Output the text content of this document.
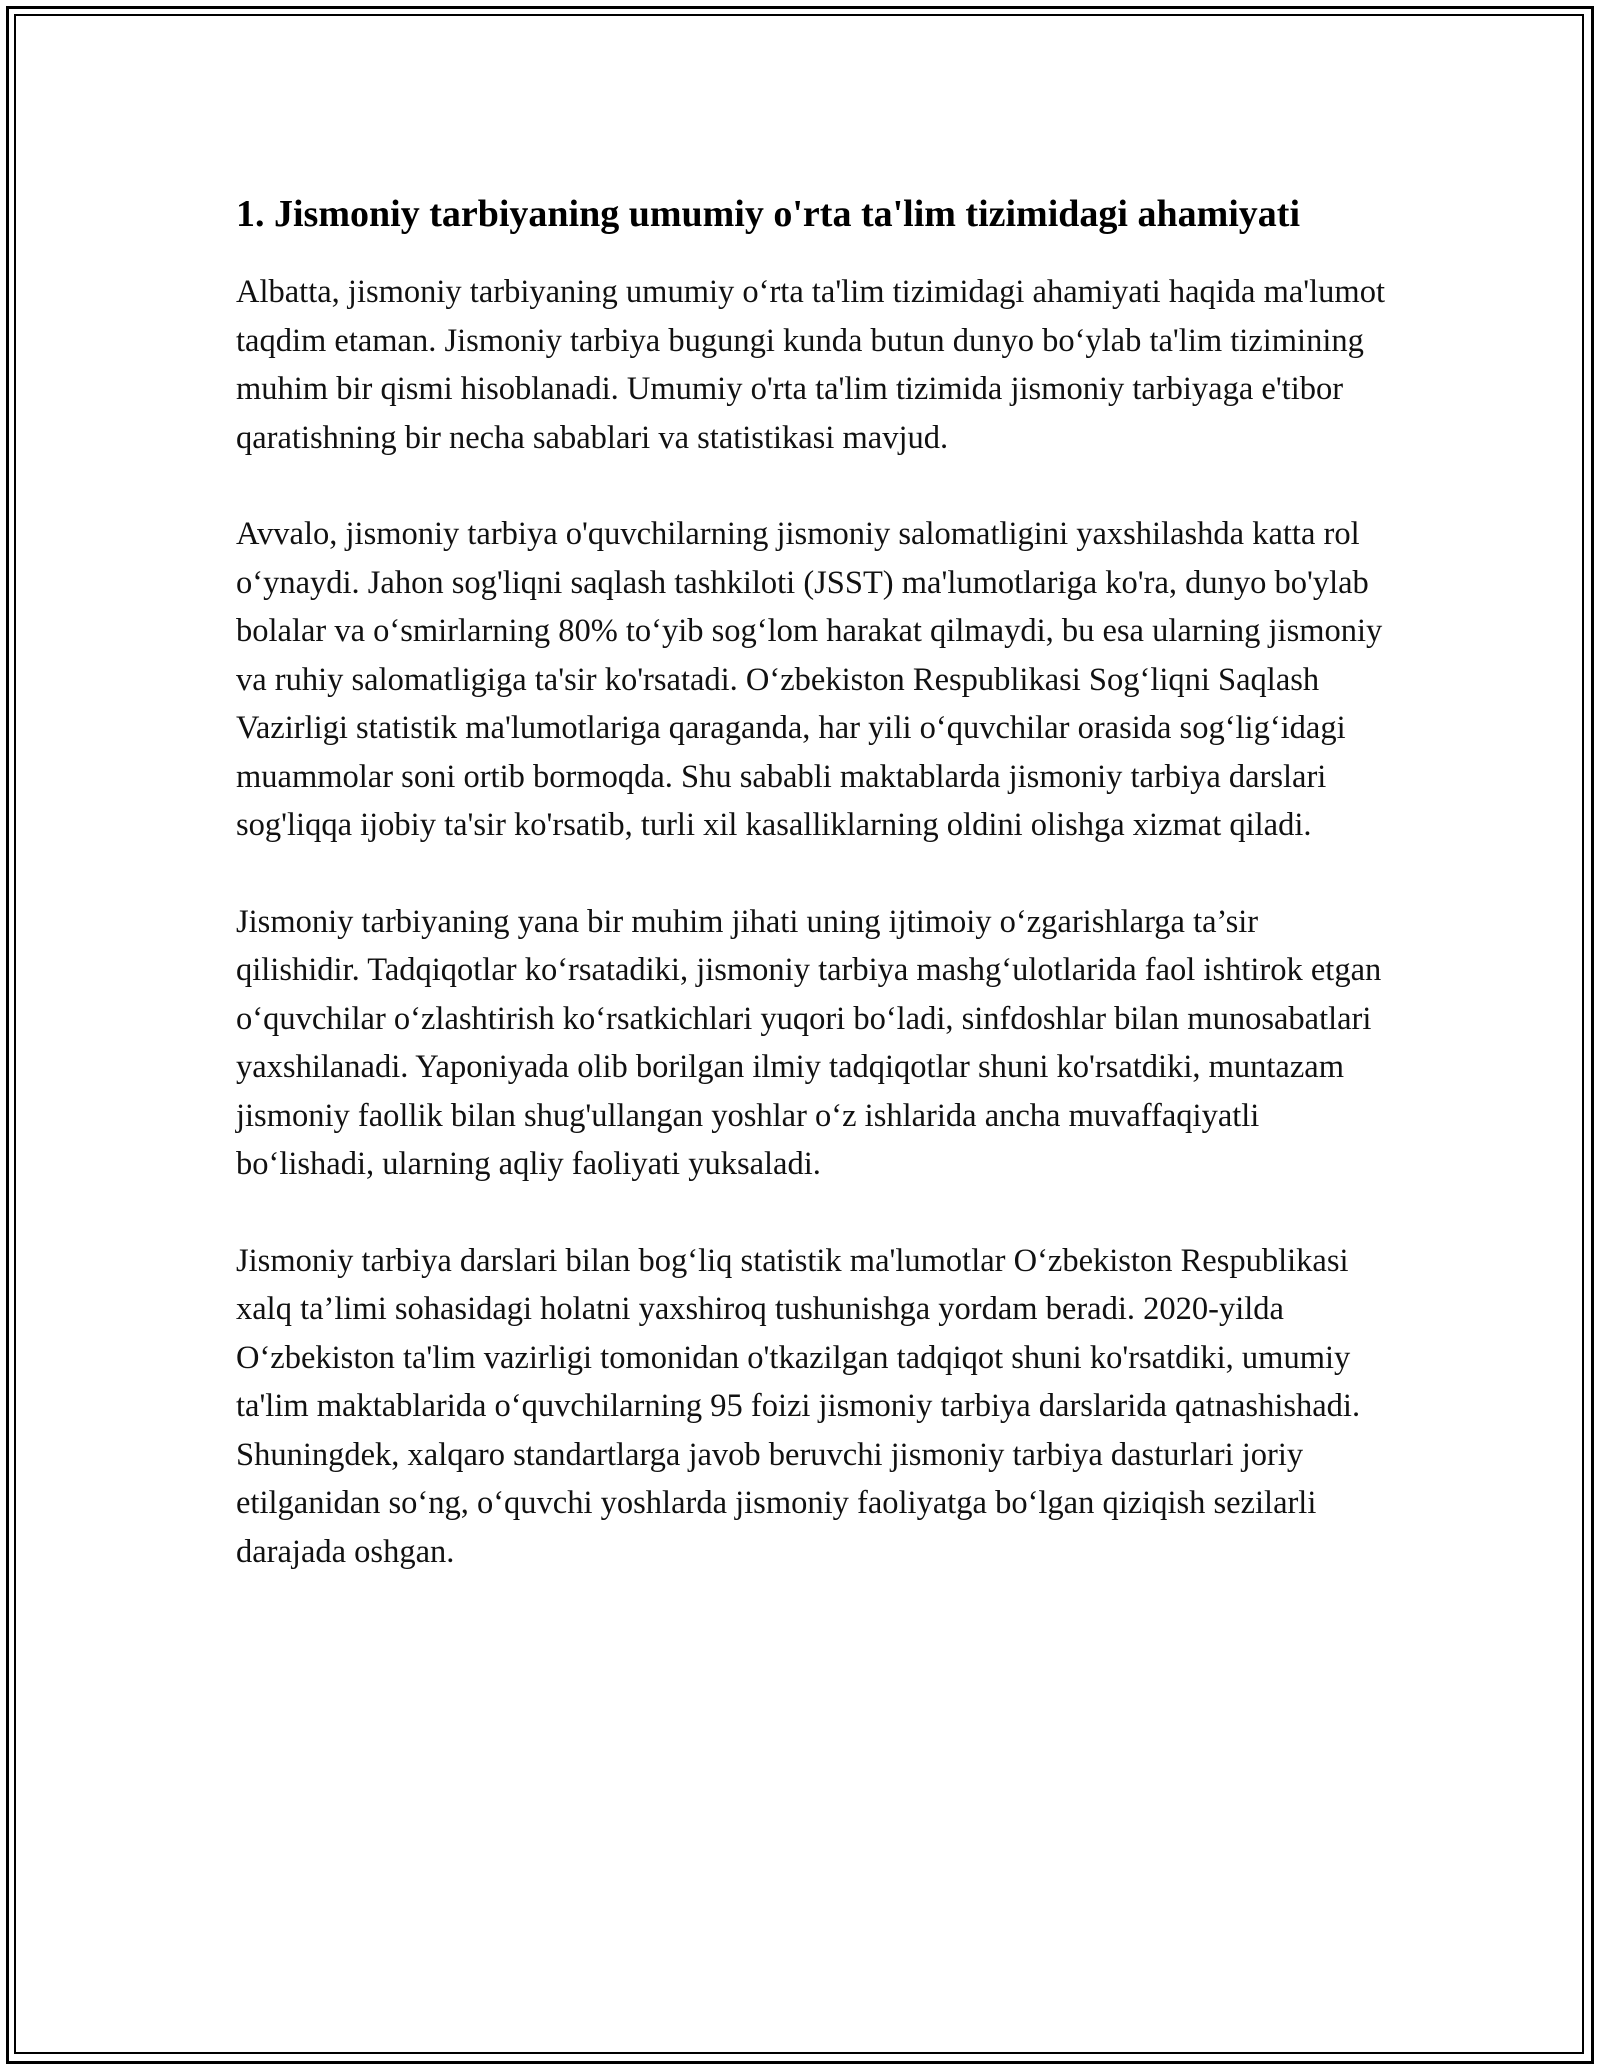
1. Jismoniy tarbiyaning umumiy o'rta ta'lim tizimidagi ahamiyati

Albatta, jismoniy tarbiyaning umumiy o‘rta ta'lim tizimidagi ahamiyati haqida ma'lumot taqdim etaman. Jismoniy tarbiya bugungi kunda butun dunyo bo‘ylab ta'lim tizimining muhim bir qismi hisoblanadi. Umumiy o'rta ta'lim tizimida jismoniy tarbiyaga e'tibor qaratishning bir necha sabablari va statistikasi mavjud.

Avvalo, jismoniy tarbiya o'quvchilarning jismoniy salomatligini yaxshilashda katta rol o‘ynaydi. Jahon sog'liqni saqlash tashkiloti (JSST) ma'lumotlariga ko'ra, dunyo bo'ylab bolalar va o‘smirlarning 80% to‘yib sog‘lom harakat qilmaydi, bu esa ularning jismoniy va ruhiy salomatligiga ta'sir ko'rsatadi. O‘zbekiston Respublikasi Sog‘liqni Saqlash Vazirligi statistik ma'lumotlariga qaraganda, har yili o‘quvchilar orasida sog‘lig‘idagi muammolar soni ortib bormoqda. Shu sababli maktablarda jismoniy tarbiya darslari sog'liqqa ijobiy ta'sir ko'rsatib, turli xil kasalliklarning oldini olishga xizmat qiladi.

Jismoniy tarbiyaning yana bir muhim jihati uning ijtimoiy o‘zgarishlarga ta’sir qilishidir. Tadqiqotlar ko‘rsatadiki, jismoniy tarbiya mashg‘ulotlarida faol ishtirok etgan o‘quvchilar o‘zlashtirish ko‘rsatkichlari yuqori bo‘ladi, sinfdoshlar bilan munosabatlari yaxshilanadi. Yaponiyada olib borilgan ilmiy tadqiqotlar shuni ko'rsatdiki, muntazam jismoniy faollik bilan shug'ullangan yoshlar o‘z ishlarida ancha muvaffaqiyatli bo‘lishadi, ularning aqliy faoliyati yuksaladi.

Jismoniy tarbiya darslari bilan bog‘liq statistik ma'lumotlar O‘zbekiston Respublikasi xalq ta’limi sohasidagi holatni yaxshiroq tushunishga yordam beradi. 2020-yilda O‘zbekiston ta'lim vazirligi tomonidan o'tkazilgan tadqiqot shuni ko'rsatdiki, umumiy ta'lim maktablarida o‘quvchilarning 95 foizi jismoniy tarbiya darslarida qatnashishadi. Shuningdek, xalqaro standartlarga javob beruvchi jismoniy tarbiya dasturlari joriy etilganidan so‘ng, o‘quvchi yoshlarda jismoniy faoliyatga bo‘lgan qiziqish sezilarli darajada oshgan.
